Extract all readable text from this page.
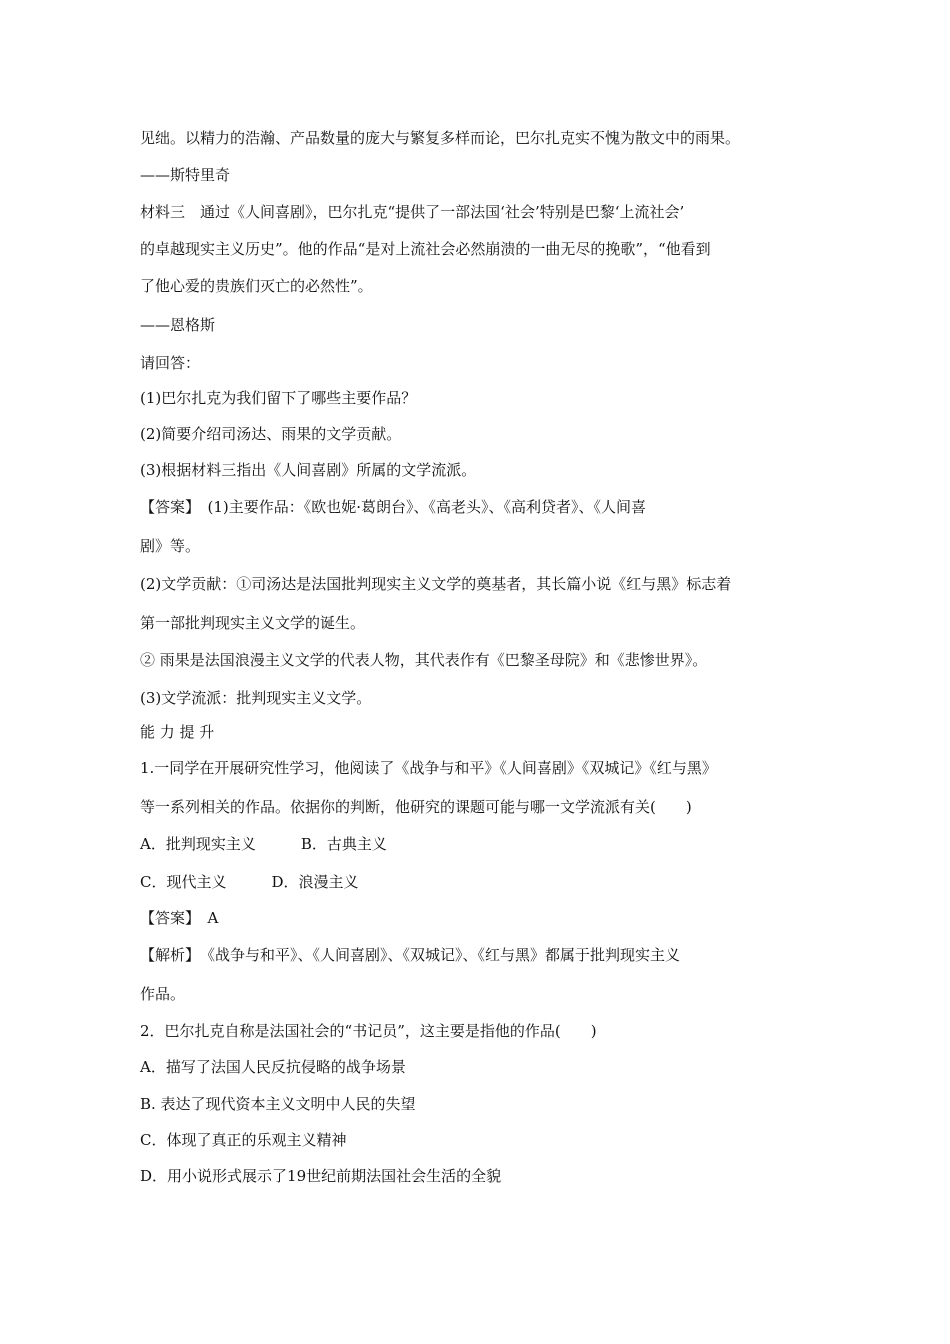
见绌。以精力的浩瀚、产品数量的庞大与繁复多样而论，巴尔扎克实不愧为散文中的雨果。
——斯特里奇
材料三　通过《人间喜剧》，巴尔扎克“提供了一部法国‘社会’特别是巴黎‘上流社会’
的卓越现实主义历史”。他的作品“是对上流社会必然崩溃的一曲无尽的挽歌”，“他看到
了他心爱的贵族们灭亡的必然性”。
——恩格斯
请回答：
(1)巴尔扎克为我们留下了哪些主要作品？
(2)简要介绍司汤达、雨果的文学贡献。
(3)根据材料三指出《人间喜剧》所属的文学流派。
【答案】　(1)主要作品：《欧也妮·葛朗台》、《高老头》、《高利贷者》、《人间喜
剧》等。
(2)文学贡献：①司汤达是法国批判现实主义文学的奠基者，其长篇小说《红与黑》标志着
第一部批判现实主义文学的诞生。
② 雨果是法国浪漫主义文学的代表人物，其代表作有《巴黎圣母院》和《悲惨世界》。
(3)文学流派：批判现实主义文学。
能 力 提 升
1.一同学在开展研究性学习，他阅读了《战争与和平》《人间喜剧》《双城记》《红与黑》
等一系列相关的作品。依据你的判断，他研究的课题可能与哪一文学流派有关(　　)
A．批判现实主义　　　B．古典主义
C．现代主义　　　D．浪漫主义
【答案】　A
【解析】　《战争与和平》、《人间喜剧》、《双城记》、《红与黑》都属于批判现实主义
作品。
2．巴尔扎克自称是法国社会的“书记员”，这主要是指他的作品(　　)
A．描写了法国人民反抗侵略的战争场景
B. 表达了现代资本主义文明中人民的失望
C．体现了真正的乐观主义精神
D．用小说形式展示了19世纪前期法国社会生活的全貌
